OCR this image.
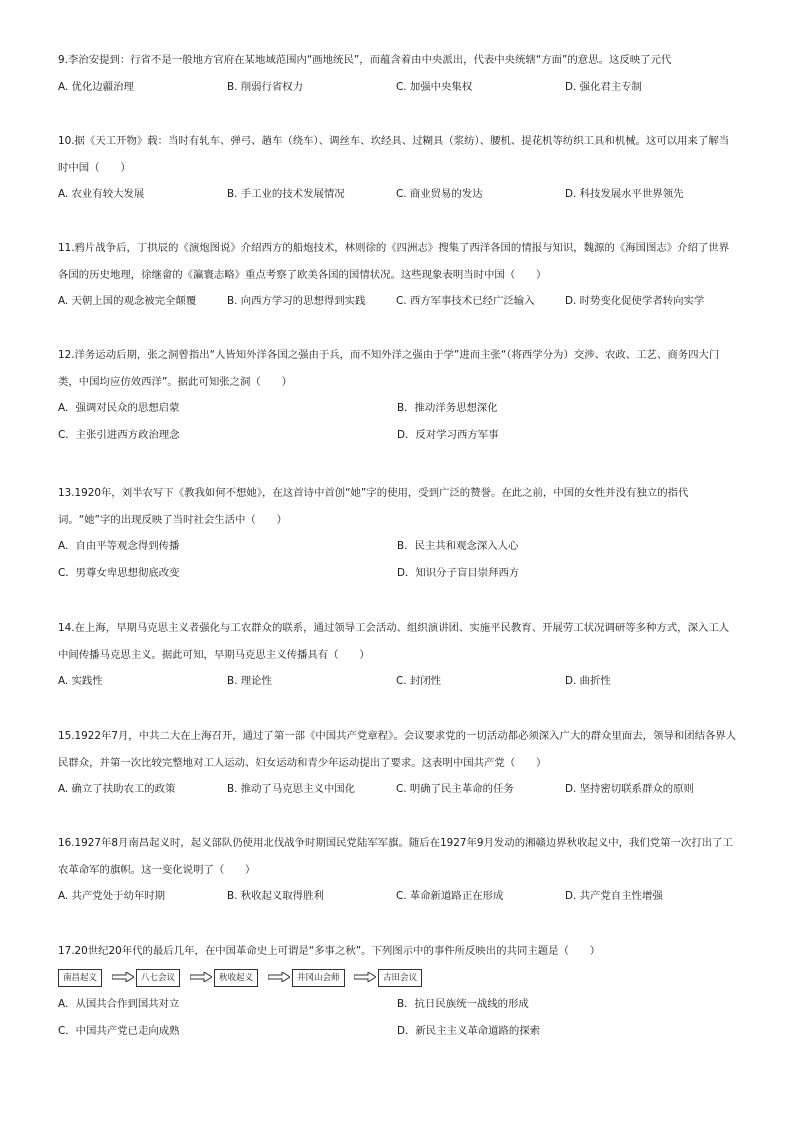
9.李治安提到：行省不是一般地方官府在某地域范围内“画地统民”，而蕴含着由中央派出，代表中央统辖“方面”的意思。这反映了元代

A. 优化边疆治理	B. 削弱行省权力	C. 加强中央集权	D. 强化君主专制

10.据《天工开物》载：当时有轧车、弹弓、趟车（绕车）、调丝车、坎经具、过糊具（浆纺）、腰机、提花机等纺织工具和机械。这可以用来了解当时中国（　　）

A. 农业有较大发展	B. 手工业的技术发展情况	C. 商业贸易的发达	D. 科技发展水平世界领先

11.鸦片战争后，丁拱辰的《演炮图说》介绍西方的船炮技术，林则徐的《四洲志》搜集了西洋各国的情报与知识，魏源的《海国图志》介绍了世界各国的历史地理，徐继畲的《瀛寰志略》重点考察了欧美各国的国情状况。这些现象表明当时中国（　　）

A. 天朝上国的观念被完全颠覆	B. 向西方学习的思想得到实践	C. 西方军事技术已经广泛输入	D. 时势变化促使学者转向实学

12.洋务运动后期，张之洞曾指出“人皆知外洋各国之强由于兵，而不知外洋之强由于学”进而主张“（将西学分为）交涉、农政、工艺、商务四大门类，中国均应仿效西洋”。据此可知张之洞（　　）

A．强调对民众的思想启蒙	B．推动洋务思想深化
C．主张引进西方政治理念	D．反对学习西方军事

13.1920年，刘半农写下《教我如何不想她》，在这首诗中首创“她”字的使用，受到广泛的赞誉。在此之前，中国的女性并没有独立的指代词。“她”字的出现反映了当时社会生活中（　　）

A．自由平等观念得到传播	B．民主共和观念深入人心
C．男尊女卑思想彻底改变	D．知识分子盲目崇拜西方

14.在上海，早期马克思主义者强化与工农群众的联系，通过领导工会活动、组织演讲团、实施平民教育、开展劳工状况调研等多种方式，深入工人中间传播马克思主义。据此可知，早期马克思主义传播具有（　　）

A. 实践性	B. 理论性	C. 封闭性	D. 曲折性

15.1922年7月，中共二大在上海召开，通过了第一部《中国共产党章程》。会议要求党的一切活动都必须深入广大的群众里面去，领导和团结各界人民群众，并第一次比较完整地对工人运动、妇女运动和青少年运动提出了要求。这表明中国共产党（　　）

A. 确立了扶助农工的政策	B. 推动了马克思主义中国化	C. 明确了民主革命的任务	D. 坚持密切联系群众的原则

16.1927年8月南昌起义时，起义部队仍使用北伐战争时期国民党陆军军旗。随后在1927年9月发动的湘赣边界秋收起义中，我们党第一次打出了工农革命军的旗帜。这一变化说明了（　　）

A. 共产党处于幼年时期	B. 秋收起义取得胜利	C. 革命新道路正在形成	D. 共产党自主性增强

17.20世纪20年代的最后几年，在中国革命史上可谓是“多事之秋”。下列图示中的事件所反映出的共同主题是（　　）

南昌起义	八七会议	秋收起义	井冈山会师	古田会议
A．从国共合作到国共对立	B．抗日民族统一战线的形成
C．中国共产党已走向成熟	D．新民主主义革命道路的探索
